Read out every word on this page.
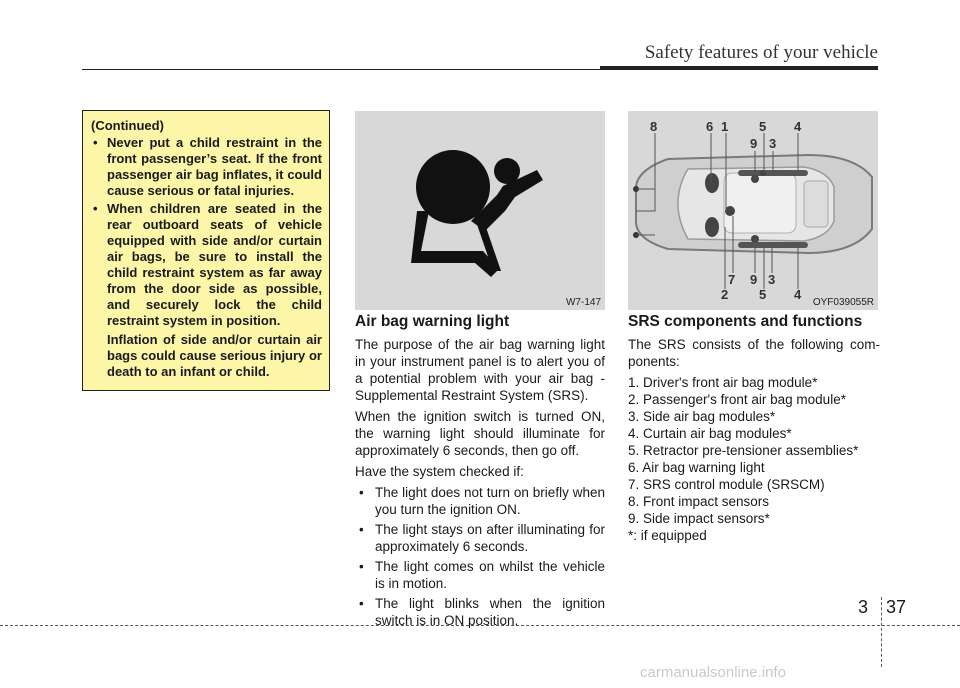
Safety features of your vehicle
(Continued)
• Never put a child restraint in the front passenger’s seat. If the front passenger air bag inflates, it could cause serious or fatal injuries.
• When children are seated in the rear outboard seats of vehicle equipped with side and/or curtain air bags, be sure to install the child restraint system as far away from the door side as possible, and securely lock the child restraint system in position.
Inflation of side and/or curtain air bags could cause serious injury or death to an infant or child.
W7-147
8	6 1 5 4
9 3
7 9 3
2 5 4
OYF039055R
Air bag warning light
The purpose of the air bag warning light in your instrument panel is to alert you of a potential problem with your air bag - Supplemental Restraint System (SRS).
When the ignition switch is turned ON, the warning light should illuminate for approximately 6 seconds, then go off.
Have the system checked if:
• The light does not turn on briefly when you turn the ignition ON.
• The light stays on after illuminating for approximately 6 seconds.
• The light comes on whilst the vehicle is in motion.
• The light blinks when the ignition switch is in ON position.
SRS components and functions
The SRS consists of the following com-ponents:
1. Driver's front air bag module*
2. Passenger's front air bag module*
3. Side air bag modules*
4. Curtain air bag modules*
5. Retractor pre-tensioner assemblies*
6. Air bag warning light
7. SRS control module (SRSCM)
8. Front impact sensors
9. Side impact sensors*
*: if equipped
3 37
carmanualsonline.info
